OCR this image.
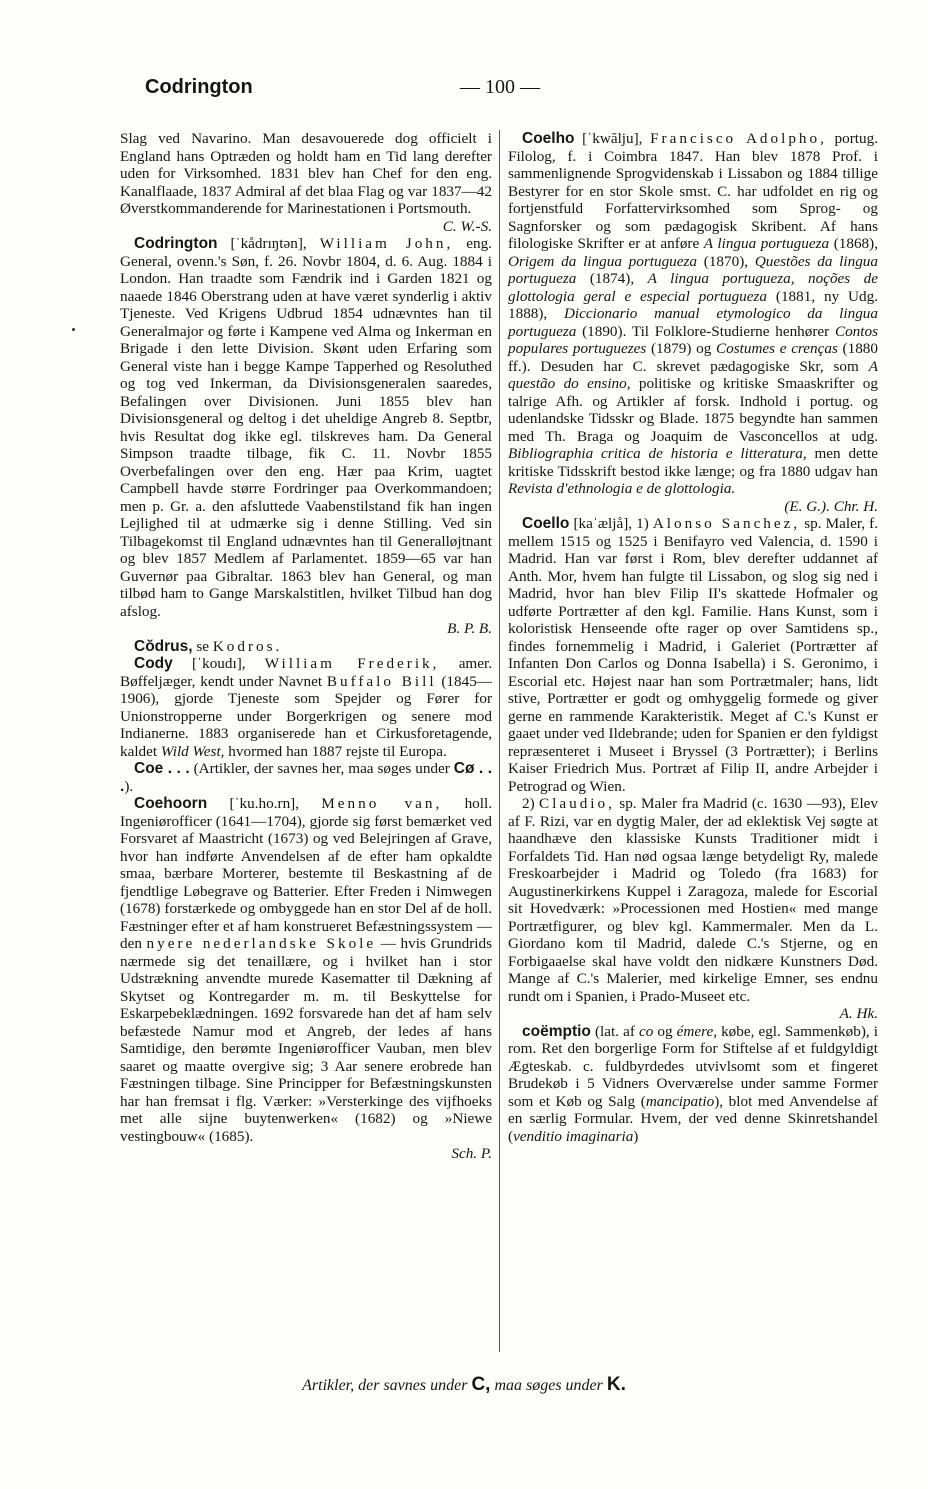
Codrington	— 100 —

Slag ved Navarino. Man desavouerede dog officielt i England hans Optræden og holdt ham en Tid lang derefter uden for Virksomhed. 1831 blev han Chef for den eng. Kanalflaade, 1837 Admiral af det blaa Flag og var 1837—42 Øverstkommanderende for Marinestationen i Portsmouth.
C. W.-S.

Codrington [ˈkådrıŋtən], William John, eng. General, ovenn.'s Søn, f. 26. Novbr 1804, d. 6. Aug. 1884 i London. Han traadte som Fændrik ind i Garden 1821 og naaede 1846 Oberstrang uden at have været synderlig i aktiv Tjeneste. Ved Krigens Udbrud 1854 udnævntes han til Generalmajor og førte i Kampene ved Alma og Inkerman en Brigade i den lette Division. Skønt uden Erfaring som General viste han i begge Kampe Tapperhed og Resoluthed og tog ved Inkerman, da Divisionsgeneralen saaredes, Befalingen over Divisionen. Juni 1855 blev han Divisionsgeneral og deltog i det uheldige Angreb 8. Septbr, hvis Resultat dog ikke egl. tilskreves ham. Da General Simpson traadte tilbage, fik C. 11. Novbr 1855 Overbefalingen over den eng. Hær paa Krim, uagtet Campbell havde større Fordringer paa Overkommandoen; men p. Gr. a. den afsluttede Vaabenstilstand fik han ingen Lejlighed til at udmærke sig i denne Stilling. Ved sin Tilbagekomst til England udnævntes han til Generalløjtnant og blev 1857 Medlem af Parlamentet. 1859—65 var han Guvernør paa Gibraltar. 1863 blev han General, og man tilbød ham to Gange Marskalstitlen, hvilket Tilbud han dog afslog.
B. P. B.

Cŏdrus, se Kodros.

Cody [ˈkoudı], William Frederik, amer. Bøffeljæger, kendt under Navnet Buffalo Bill (1845—1906), gjorde Tjeneste som Spejder og Fører for Unionstropperne under Borgerkrigen og senere mod Indianerne. 1883 organiserede han et Cirkusforetagende, kaldet Wild West, hvormed han 1887 rejste til Europa.

Coe . . . (Artikler, der savnes her, maa søges under Cø . . .).

Coehoorn [ˈku.ho.rn], Menno van, holl. Ingeniørofficer (1641—1704), gjorde sig først bemærket ved Forsvaret af Maastricht (1673) og ved Belejringen af Grave, hvor han indførte Anvendelsen af de efter ham opkaldte smaa, bærbare Morterer, bestemte til Beskastning af de fjendtlige Løbegrave og Batterier. Efter Freden i Nimwegen (1678) forstærkede og ombyggede han en stor Del af de holl. Fæstninger efter et af ham konstrueret Befæstningssystem — den nyere nederlandske Skole — hvis Grundrids nærmede sig det tenaillære, og i hvilket han i stor Udstrækning anvendte murede Kasematter til Dækning af Skytset og Kontregarder m. m. til Beskyttelse for Eskarpebeklædningen. 1692 forsvarede han det af ham selv befæstede Namur mod et Angreb, der ledes af hans Samtidige, den berømte Ingeniørofficer Vauban, men blev saaret og maatte overgive sig; 3 Aar senere erobrede han Fæstningen tilbage. Sine Principper for Befæstningskunsten har han fremsat i flg. Værker: »Versterkinge des vijfhoeks met alle sijne buytenwerken« (1682) og »Niewe vestingbouw« (1685).
Sch. P.

Coelho [ˈkwălju], Francisco Adolpho, portug. Filolog, f. i Coimbra 1847. Han blev 1878 Prof. i sammenlignende Sprogvidenskab i Lissabon og 1884 tillige Bestyrer for en stor Skole smst. C. har udfoldet en rig og fortjenstfuld Forfattervirksomhed som Sprog- og Sagnforsker og som pædagogisk Skribent. Af hans filologiske Skrifter er at anføre A lingua portugueza (1868), Origem da lingua portugueza (1870), Questões da lingua portugueza (1874), A lingua portugueza, noções de glottologia geral e especial portugueza (1881, ny Udg. 1888), Diccionario manual etymologico da lingua portugueza (1890). Til Folklore-Studierne henhører Contos populares portuguezes (1879) og Costumes e crenças (1880 ff.). Desuden har C. skrevet pædagogiske Skr, som A questão do ensino, politiske og kritiske Smaaskrifter og talrige Afh. og Artikler af forsk. Indhold i portug. og udenlandske Tidsskr og Blade. 1875 begyndte han sammen med Th. Braga og Joaquim de Vasconcellos at udg. Bibliographia critica de historia e litteratura, men dette kritiske Tidsskrift bestod ikke længe; og fra 1880 udgav han Revista d'ethnologia e de glottologia.
(E. G.). Chr. H.

Coello [kaˈæljå], 1) Alonso Sanchez, sp. Maler, f. mellem 1515 og 1525 i Benifayro ved Valencia, d. 1590 i Madrid. Han var først i Rom, blev derefter uddannet af Anth. Mor, hvem han fulgte til Lissabon, og slog sig ned i Madrid, hvor han blev Filip II's skattede Hofmaler og udførte Portrætter af den kgl. Familie. Hans Kunst, som i koloristisk Henseende ofte rager op over Samtidens sp., findes fornemmelig i Madrid, i Galeriet (Portrætter af Infanten Don Carlos og Donna Isabella) i S. Geronimo, i Escorial etc. Højest naar han som Portrætmaler; hans, lidt stive, Portrætter er godt og omhyggelig formede og giver gerne en rammende Karakteristik. Meget af C.'s Kunst er gaaet under ved Ildebrande; uden for Spanien er den fyldigst repræsenteret i Museet i Bryssel (3 Portrætter); i Berlins Kaiser Friedrich Mus. Portræt af Filip II, andre Arbejder i Petrograd og Wien.

2) Claudio, sp. Maler fra Madrid (c. 1630 —93), Elev af F. Rizi, var en dygtig Maler, der ad eklektisk Vej søgte at haandhæve den klassiske Kunsts Traditioner midt i Forfaldets Tid. Han nød ogsaa længe betydeligt Ry, malede Freskoarbejder i Madrid og Toledo (fra 1683) for Augustinerkirkens Kuppel i Zaragoza, malede for Escorial sit Hovedværk: »Processionen med Hostien« med mange Portrætfigurer, og blev kgl. Kammermaler. Men da L. Giordano kom til Madrid, dalede C.'s Stjerne, og en Forbigaaelse skal have voldt den nidkære Kunstners Død. Mange af C.'s Malerier, med kirkelige Emner, ses endnu rundt om i Spanien, i Prado-Museet etc.
A. Hk.

coëmptio (lat. af co og émere, købe, egl. Sammenkøb), i rom. Ret den borgerlige Form for Stiftelse af et fuldgyldigt Ægteskab. c. fuldbyrdedes utvivlsomt som et fingeret Brudekøb i 5 Vidners Overværelse under samme Former som et Køb og Salg (mancipatio), blot med Anvendelse af en særlig Formular. Hvem, der ved denne Skinretshandel (venditio imaginaria)

Artikler, der savnes under C, maa søges under K.
